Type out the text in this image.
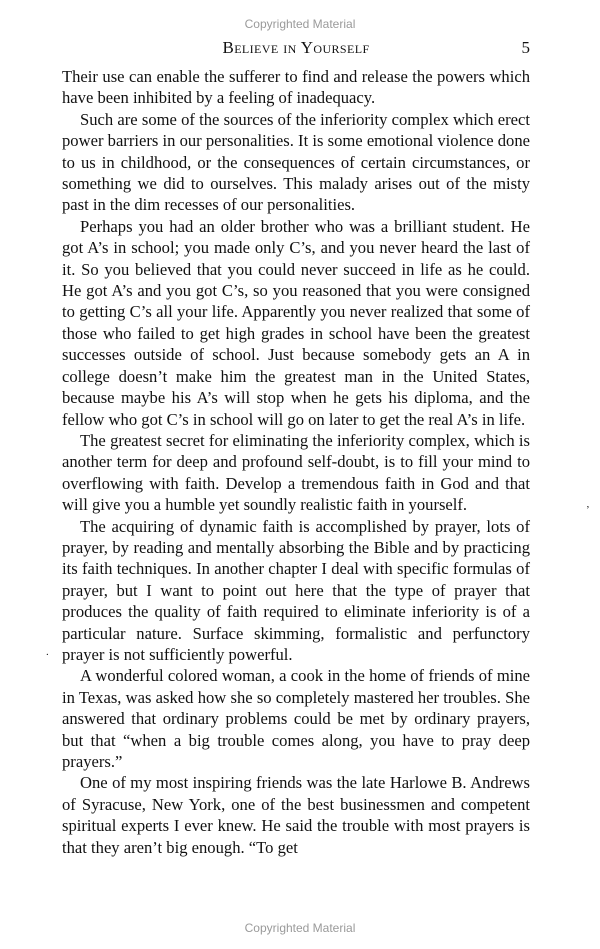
Copyrighted Material
Believe in Yourself	5

Their use can enable the sufferer to find and release the powers which have been inhibited by a feeling of inadequacy.

Such are some of the sources of the inferiority complex which erect power barriers in our personalities. It is some emotional violence done to us in childhood, or the consequences of certain circumstances, or something we did to ourselves. This malady arises out of the misty past in the dim recesses of our personalities.

Perhaps you had an older brother who was a brilliant student. He got A’s in school; you made only C’s, and you never heard the last of it. So you believed that you could never succeed in life as he could. He got A’s and you got C’s, so you reasoned that you were consigned to getting C’s all your life. Apparently you never realized that some of those who failed to get high grades in school have been the greatest successes outside of school. Just because somebody gets an A in college doesn’t make him the greatest man in the United States, because maybe his A’s will stop when he gets his diploma, and the fellow who got C’s in school will go on later to get the real A’s in life.

The greatest secret for eliminating the inferiority complex, which is another term for deep and profound self-doubt, is to fill your mind to overflowing with faith. Develop a tremendous faith in God and that will give you a humble yet soundly realistic faith in yourself.

The acquiring of dynamic faith is accomplished by prayer, lots of prayer, by reading and mentally absorbing the Bible and by practicing its faith techniques. In another chapter I deal with specific formulas of prayer, but I want to point out here that the type of prayer that produces the quality of faith required to eliminate inferiority is of a particular nature. Surface skimming, formalistic and perfunctory prayer is not sufficiently powerful.

A wonderful colored woman, a cook in the home of friends of mine in Texas, was asked how she so completely mastered her troubles. She answered that ordinary problems could be met by ordinary prayers, but that “when a big trouble comes along, you have to pray deep prayers.”

One of my most inspiring friends was the late Harlowe B. Andrews of Syracuse, New York, one of the best businessmen and competent spiritual experts I ever knew. He said the trouble with most prayers is that they aren’t big enough. “To get

’
.
Copyrighted Material
